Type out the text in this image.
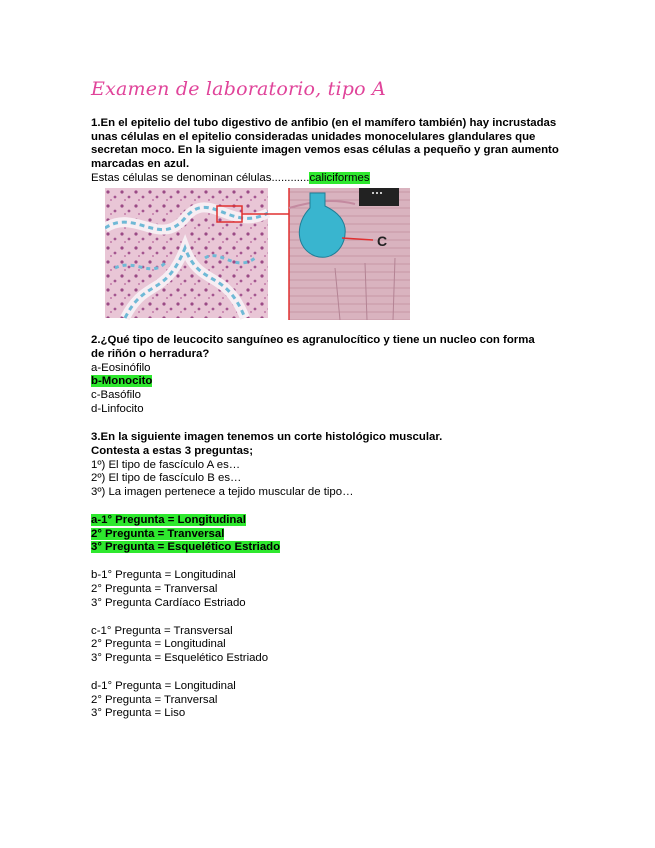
Examen de laboratorio, tipo A
1.En el epitelio del tubo digestivo de anfibio (en el mamífero también) hay incrustadas unas células en el epitelio consideradas unidades monocelulares glandulares que secretan moco. En la siguiente imagen vemos esas células a pequeño y gran aumento marcadas en azul.
Estas células se denominan células............caliciformes
C
2.¿Qué tipo de leucocito sanguíneo es agranulocítico y tiene un nucleo con forma
de riñón o herradura?
a-Eosinófilo
b-Monocito
c-Basófilo
d-Linfocito
3.En la siguiente imagen tenemos un corte histológico muscular.
Contesta a estas 3 preguntas;
1º) El tipo de fascículo A es…
2º) El tipo de fascículo B es…
3º) La imagen pertenece a tejido muscular de tipo…
a-1° Pregunta = Longitudinal
2° Pregunta = Tranversal
3° Pregunta = Esquelético Estriado
b-1° Pregunta = Longitudinal
2° Pregunta = Tranversal
3° Pregunta Cardíaco Estriado
c-1° Pregunta = Transversal
2° Pregunta = Longitudinal
3° Pregunta = Esquelético Estriado
d-1° Pregunta = Longitudinal
2° Pregunta = Tranversal
3° Pregunta = Liso
